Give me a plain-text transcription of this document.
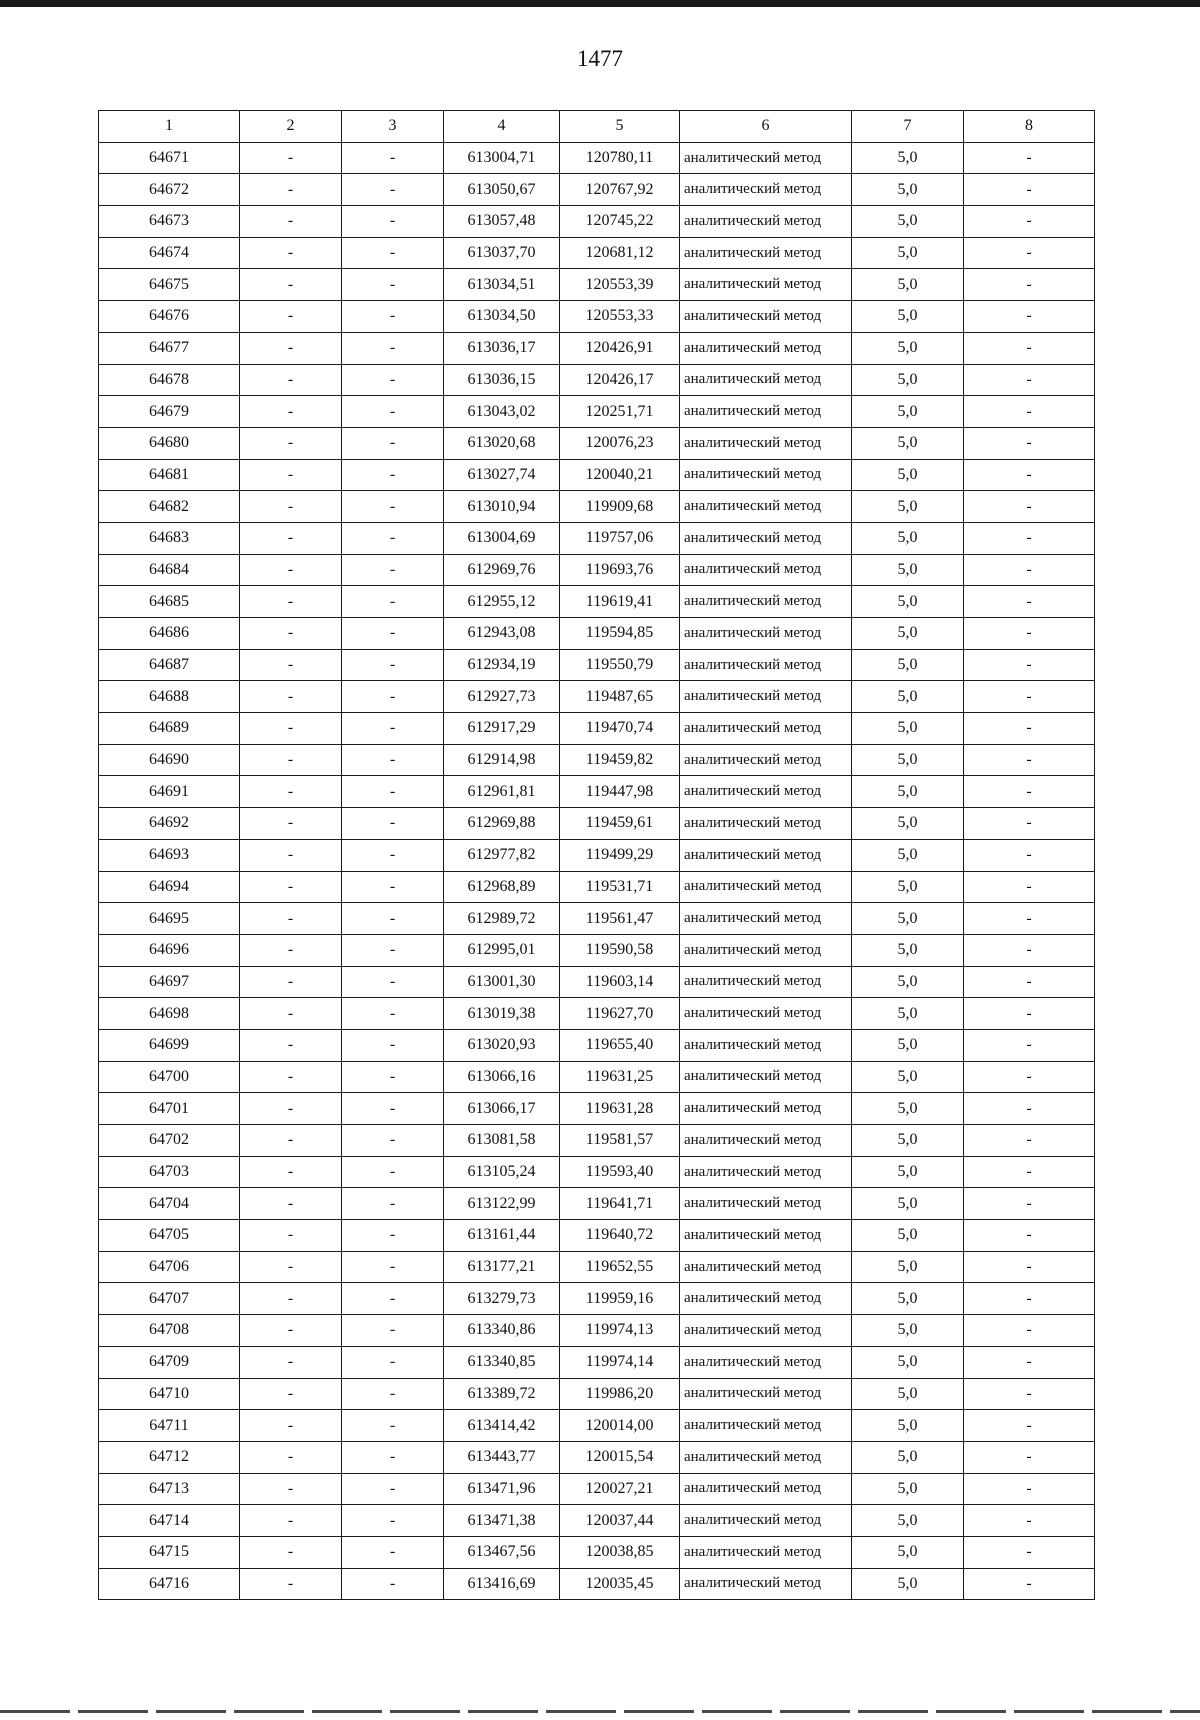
1477
1	2	3	4	5	6	7	8
64671	-	-	613004,71	120780,11	аналитический метод	5,0	-
64672	-	-	613050,67	120767,92	аналитический метод	5,0	-
64673	-	-	613057,48	120745,22	аналитический метод	5,0	-
64674	-	-	613037,70	120681,12	аналитический метод	5,0	-
64675	-	-	613034,51	120553,39	аналитический метод	5,0	-
64676	-	-	613034,50	120553,33	аналитический метод	5,0	-
64677	-	-	613036,17	120426,91	аналитический метод	5,0	-
64678	-	-	613036,15	120426,17	аналитический метод	5,0	-
64679	-	-	613043,02	120251,71	аналитический метод	5,0	-
64680	-	-	613020,68	120076,23	аналитический метод	5,0	-
64681	-	-	613027,74	120040,21	аналитический метод	5,0	-
64682	-	-	613010,94	119909,68	аналитический метод	5,0	-
64683	-	-	613004,69	119757,06	аналитический метод	5,0	-
64684	-	-	612969,76	119693,76	аналитический метод	5,0	-
64685	-	-	612955,12	119619,41	аналитический метод	5,0	-
64686	-	-	612943,08	119594,85	аналитический метод	5,0	-
64687	-	-	612934,19	119550,79	аналитический метод	5,0	-
64688	-	-	612927,73	119487,65	аналитический метод	5,0	-
64689	-	-	612917,29	119470,74	аналитический метод	5,0	-
64690	-	-	612914,98	119459,82	аналитический метод	5,0	-
64691	-	-	612961,81	119447,98	аналитический метод	5,0	-
64692	-	-	612969,88	119459,61	аналитический метод	5,0	-
64693	-	-	612977,82	119499,29	аналитический метод	5,0	-
64694	-	-	612968,89	119531,71	аналитический метод	5,0	-
64695	-	-	612989,72	119561,47	аналитический метод	5,0	-
64696	-	-	612995,01	119590,58	аналитический метод	5,0	-
64697	-	-	613001,30	119603,14	аналитический метод	5,0	-
64698	-	-	613019,38	119627,70	аналитический метод	5,0	-
64699	-	-	613020,93	119655,40	аналитический метод	5,0	-
64700	-	-	613066,16	119631,25	аналитический метод	5,0	-
64701	-	-	613066,17	119631,28	аналитический метод	5,0	-
64702	-	-	613081,58	119581,57	аналитический метод	5,0	-
64703	-	-	613105,24	119593,40	аналитический метод	5,0	-
64704	-	-	613122,99	119641,71	аналитический метод	5,0	-
64705	-	-	613161,44	119640,72	аналитический метод	5,0	-
64706	-	-	613177,21	119652,55	аналитический метод	5,0	-
64707	-	-	613279,73	119959,16	аналитический метод	5,0	-
64708	-	-	613340,86	119974,13	аналитический метод	5,0	-
64709	-	-	613340,85	119974,14	аналитический метод	5,0	-
64710	-	-	613389,72	119986,20	аналитический метод	5,0	-
64711	-	-	613414,42	120014,00	аналитический метод	5,0	-
64712	-	-	613443,77	120015,54	аналитический метод	5,0	-
64713	-	-	613471,96	120027,21	аналитический метод	5,0	-
64714	-	-	613471,38	120037,44	аналитический метод	5,0	-
64715	-	-	613467,56	120038,85	аналитический метод	5,0	-
64716	-	-	613416,69	120035,45	аналитический метод	5,0	-
